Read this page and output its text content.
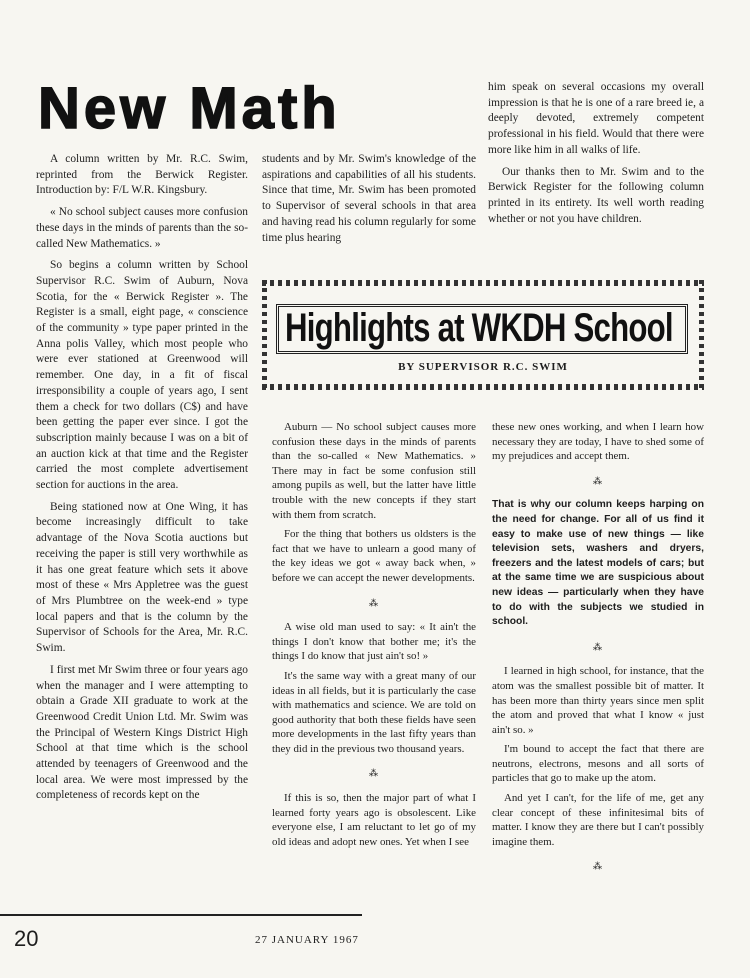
New Math

A column written by Mr. R.C. Swim, reprinted from the Berwick Register. Introduction by: F/L W.R. Kingsbury.

« No school subject causes more confusion these days in the minds of parents than the so-called New Mathematics. »

So begins a column written by School Supervisor R.C. Swim of Auburn, Nova Scotia, for the « Berwick Register ». The Register is a small, eight page, « conscience of the community » type paper printed in the Anna polis Valley, which most people who were ever stationed at Greenwood will remember. One day, in a fit of fiscal irresponsibility a couple of years ago, I sent them a check for two dollars (C$) and have been getting the paper ever since. I got the subscription mainly because I was on a bit of an auction kick at that time and the Register carried the most complete advertisement section for auctions in the area.

Being stationed now at One Wing, it has become increasingly difficult to take advantage of the Nova Scotia auctions but receiving the paper is still very worthwhile as it has one great feature which sets it above most of these « Mrs Appletree was the guest of Mrs Plumbtree on the week-end » type local papers and that is the column by the Supervisor of Schools for the Area, Mr. R.C. Swim.

I first met Mr Swim three or four years ago when the manager and I were attempting to obtain a Grade XII graduate to work at the Greenwood Credit Union Ltd. Mr. Swim was the Principal of Western Kings District High School at that time which is the school attended by teenagers of Greenwood and the local area. We were most impressed by the completeness of records kept on the

students and by Mr. Swim's knowledge of the aspirations and capabilities of all his students. Since that time, Mr. Swim has been promoted to Supervisor of several schools in that area and having read his column regularly for some time plus hearing

him speak on several occasions my overall impression is that he is one of a rare breed ie, a deeply devoted, extremely competent professional in his field. Would that there were more like him in all walks of life.

Our thanks then to Mr. Swim and to the Berwick Register for the following column printed in its entirety. Its well worth reading whether or not you have children.

Highlights at WKDH School
BY SUPERVISOR R.C. SWIM

Auburn — No school subject causes more confusion these days in the minds of parents than the so-called « New Mathematics. » There may in fact be some confusion still among pupils as well, but the latter have little trouble with the new concepts if they start with them from scratch.

For the thing that bothers us oldsters is the fact that we have to unlearn a good many of the key ideas we got « away back when, » before we can accept the newer developments.

⁂

A wise old man used to say: « It ain't the things I don't know that bother me; it's the things I do know that just ain't so! »

It's the same way with a great many of our ideas in all fields, but it is particularly the case with mathematics and science. We are told on good authority that both these fields have seen more developments in the last fifty years than they did in the previous two thousand years.

⁂

If this is so, then the major part of what I learned forty years ago is obsolescent. Like everyone else, I am reluctant to let go of my old ideas and adopt new ones. Yet when I see

these new ones working, and when I learn how necessary they are today, I have to shed some of my prejudices and accept them.

⁂

That is why our column keeps harping on the need for change. For all of us find it easy to make use of new things — like television sets, washers and dryers, freezers and the latest models of cars; but at the same time we are suspicious about new ideas — particularly when they have to do with the subjects we studied in school.

⁂

I learned in high school, for instance, that the atom was the smallest possible bit of matter. It has been more than thirty years since men split the atom and proved that what I know « just ain't so. »

I'm bound to accept the fact that there are neutrons, electrons, mesons and all sorts of particles that go to make up the atom.

And yet I can't, for the life of me, get any clear concept of these infinitesimal bits of matter. I know they are there but I can't possibly imagine them.

⁂
20	27 JANUARY 1967
